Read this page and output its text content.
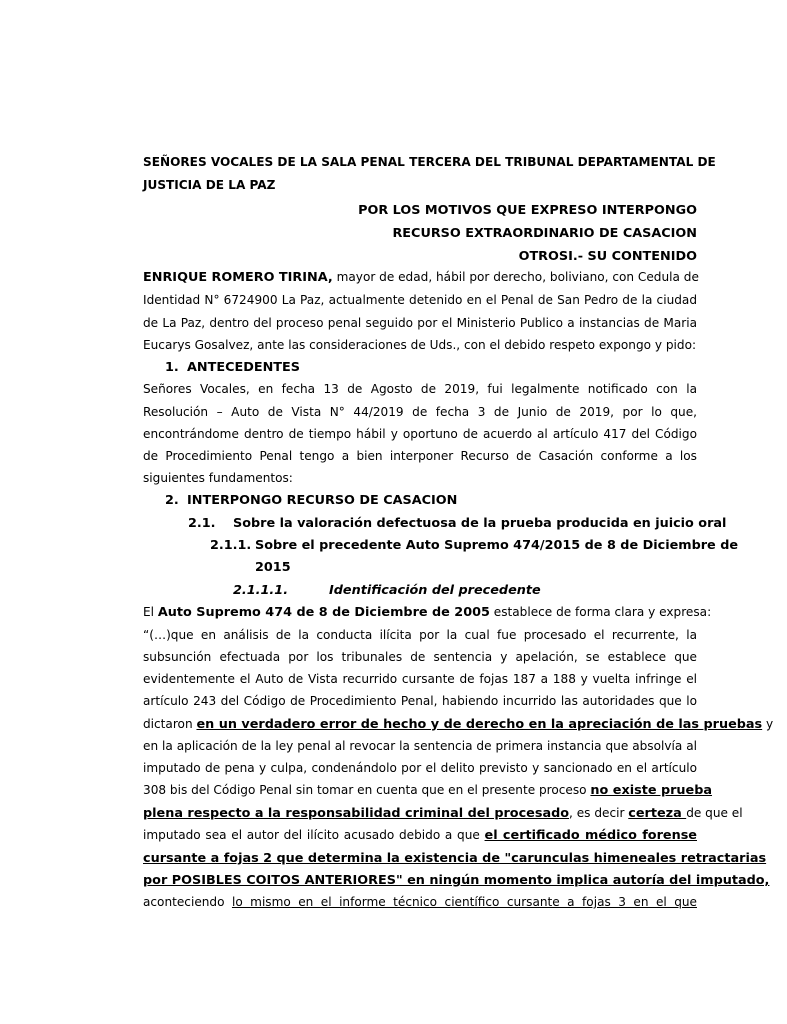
SEÑORES VOCALES DE LA SALA PENAL TERCERA DEL TRIBUNAL DEPARTAMENTAL DE
JUSTICIA DE LA PAZ
POR LOS MOTIVOS QUE EXPRESO INTERPONGO
RECURSO EXTRAORDINARIO DE CASACION
OTROSI.- SU CONTENIDO
ENRIQUE ROMERO TIRINA, mayor de edad, hábil por derecho, boliviano, con Cedula de
Identidad N° 6724900 La Paz, actualmente detenido en el Penal de San Pedro de la ciudad
de La Paz, dentro del proceso penal seguido por el Ministerio Publico a instancias de Maria
Eucarys Gosalvez, ante las consideraciones de Uds., con el debido respeto expongo y pido:
1. ANTECEDENTES
Señores Vocales, en fecha 13 de Agosto de 2019, fui legalmente notificado con la
Resolución – Auto de Vista N° 44/2019 de fecha 3 de Junio de 2019, por lo que,
encontrándome dentro de tiempo hábil y oportuno de acuerdo al artículo 417 del Código
de Procedimiento Penal tengo a bien interponer Recurso de Casación conforme a los
siguientes fundamentos:
2. INTERPONGO RECURSO DE CASACION
2.1. Sobre la valoración defectuosa de la prueba producida en juicio oral
2.1.1. Sobre el precedente Auto Supremo 474/2015 de 8 de Diciembre de
2015
2.1.1.1.	Identificación del precedente
El Auto Supremo 474 de 8 de Diciembre de 2005 establece de forma clara y expresa:
“(…)que en análisis de la conducta ilícita por la cual fue procesado el recurrente, la
subsunción efectuada por los tribunales de sentencia y apelación, se establece que
evidentemente el Auto de Vista recurrido cursante de fojas 187 a 188 y vuelta infringe el
artículo 243 del Código de Procedimiento Penal, habiendo incurrido las autoridades que lo
dictaron en un verdadero error de hecho y de derecho en la apreciación de las pruebas y
en la aplicación de la ley penal al revocar la sentencia de primera instancia que absolvía al
imputado de pena y culpa, condenándolo por el delito previsto y sancionado en el artículo
308 bis del Código Penal sin tomar en cuenta que en el presente proceso no existe prueba
plena respecto a la responsabilidad criminal del procesado, es decir certeza de que el
imputado sea el autor del ilícito acusado debido a que el certificado médico forense
cursante a fojas 2 que determina la existencia de "carunculas himeneales retractarias
por POSIBLES COITOS ANTERIORES" en ningún momento implica autoría del imputado,
aconteciendo lo mismo en el informe técnico científico cursante a fojas 3 en el que
